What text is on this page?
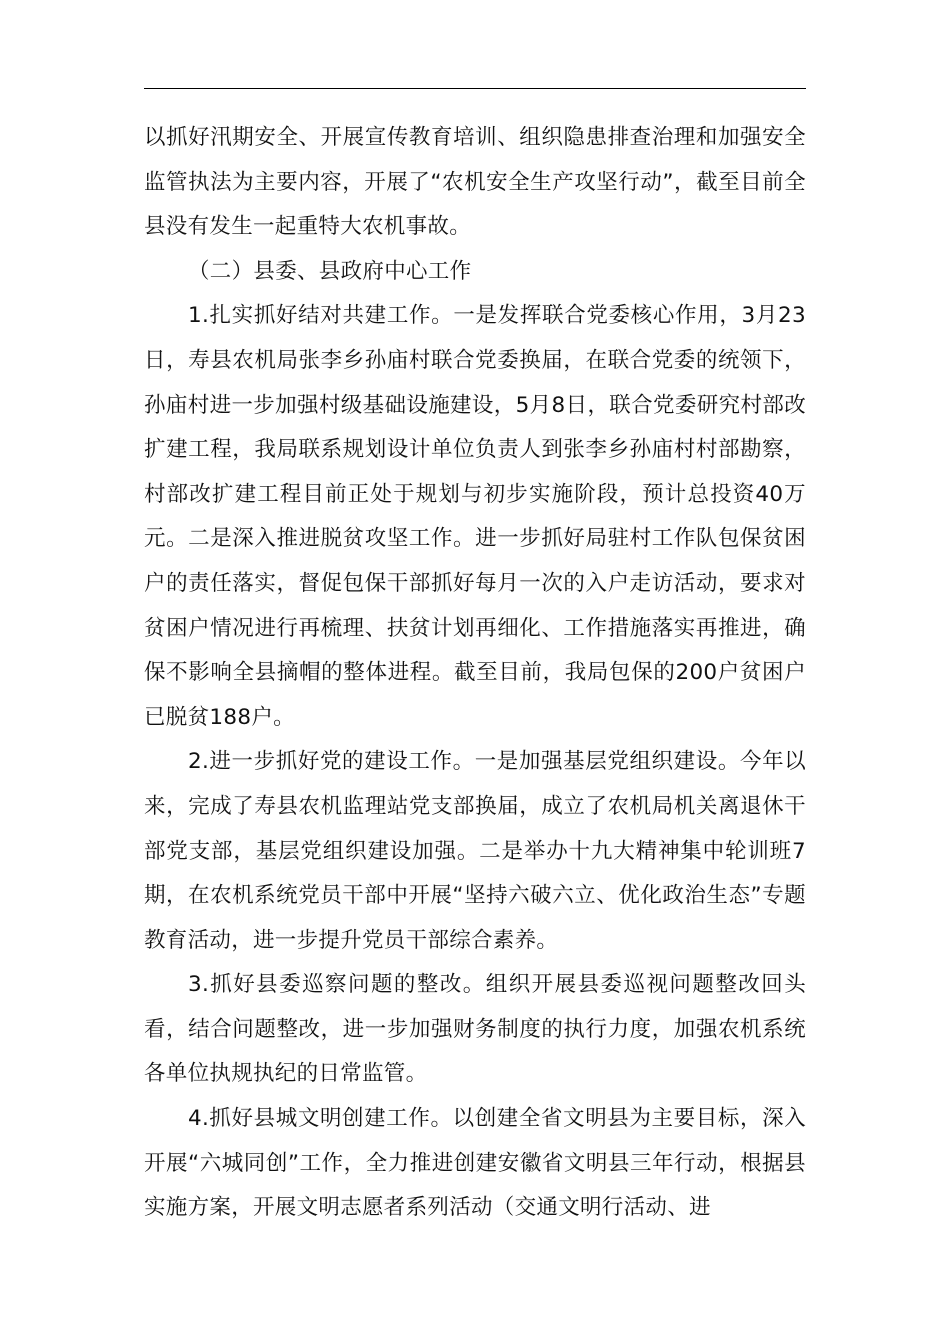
以抓好汛期安全、开展宣传教育培训、组织隐患排查治理和加强安全监管执法为主要内容，开展了“农机安全生产攻坚行动”，截至目前全县没有发生一起重特大农机事故。

（二）县委、县政府中心工作

1.扎实抓好结对共建工作。一是发挥联合党委核心作用，3月23日，寿县农机局张李乡孙庙村联合党委换届，在联合党委的统领下，孙庙村进一步加强村级基础设施建设，5月8日，联合党委研究村部改扩建工程，我局联系规划设计单位负责人到张李乡孙庙村村部勘察，村部改扩建工程目前正处于规划与初步实施阶段，预计总投资40万元。二是深入推进脱贫攻坚工作。进一步抓好局驻村工作队包保贫困户的责任落实，督促包保干部抓好每月一次的入户走访活动，要求对贫困户情况进行再梳理、扶贫计划再细化、工作措施落实再推进，确保不影响全县摘帽的整体进程。截至目前，我局包保的200户贫困户已脱贫188户。

2.进一步抓好党的建设工作。一是加强基层党组织建设。今年以来，完成了寿县农机监理站党支部换届，成立了农机局机关离退休干部党支部，基层党组织建设加强。二是举办十九大精神集中轮训班7期，在农机系统党员干部中开展“坚持六破六立、优化政治生态”专题教育活动，进一步提升党员干部综合素养。

3.抓好县委巡察问题的整改。组织开展县委巡视问题整改回头看，结合问题整改，进一步加强财务制度的执行力度，加强农机系统各单位执规执纪的日常监管。

4.抓好县城文明创建工作。以创建全省文明县为主要目标，深入开展“六城同创”工作，全力推进创建安徽省文明县三年行动，根据县实施方案，开展文明志愿者系列活动（交通文明行活动、进
